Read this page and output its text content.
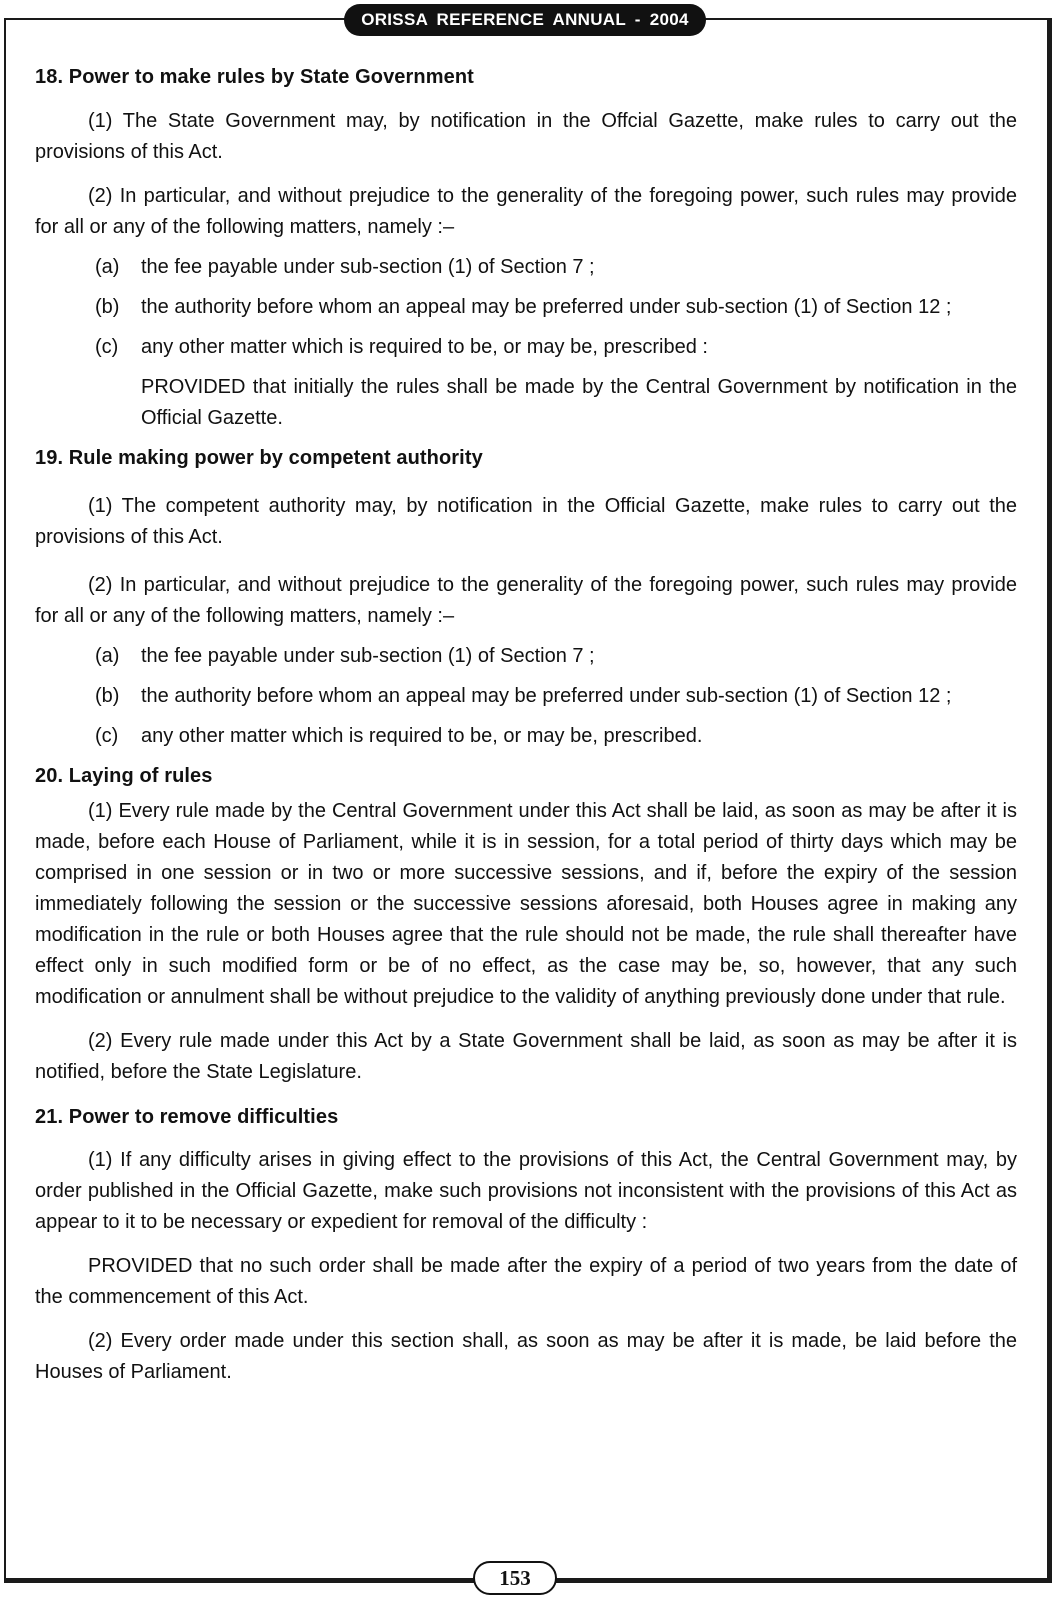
ORISSA REFERENCE ANNUAL - 2004
18. Power to make rules by State Government

(1) The State Government may, by notification in the Offcial Gazette, make rules to carry out the provisions of this Act.

(2) In particular, and without prejudice to the generality of the foregoing power, such rules may provide for all or any of the following matters, namely :–

(a)	the fee payable under sub-section (1) of Section 7 ;
(b)	the authority before whom an appeal may be preferred under sub-section (1) of Section 12 ;
(c)	any other matter which is required to be, or may be, prescribed :

PROVIDED that initially the rules shall be made by the Central Government by notification in the Official Gazette.

19. Rule making power by competent authority

(1) The competent authority may, by notification in the Official Gazette, make rules to carry out the provisions of this Act.

(2) In particular, and without prejudice to the generality of the foregoing power, such rules may provide for all or any of the following matters, namely :–

(a)	the fee payable under sub-section (1) of Section 7 ;
(b)	the authority before whom an appeal may be preferred under sub-section (1) of Section 12 ;
(c)	any other matter which is required to be, or may be, prescribed.
20. Laying of rules

(1) Every rule made by the Central Government under this Act shall be laid, as soon as may be after it is made, before each House of Parliament, while it is in session, for a total period of thirty days which may be comprised in one session or in two or more successive sessions, and if, before the expiry of the session immediately following the session or the successive sessions aforesaid, both Houses agree in making any modification in the rule or both Houses agree that the rule should not be made, the rule shall thereafter have effect only in such modified form or be of no effect, as the case may be, so, however, that any such modification or annulment shall be without prejudice to the validity of anything previously done under that rule.

(2) Every rule made under this Act by a State Government shall be laid, as soon as may be after it is notified, before the State Legislature.

21. Power to remove difficulties

(1) If any difficulty arises in giving effect to the provisions of this Act, the Central Government may, by order published in the Official Gazette, make such provisions not inconsistent with the provisions of this Act as appear to it to be necessary or expedient for removal of the difficulty :

PROVIDED that no such order shall be made after the expiry of a period of two years from the date of the commencement of this Act.

(2) Every order made under this section shall, as soon as may be after it is made, be laid before the Houses of Parliament.

153
